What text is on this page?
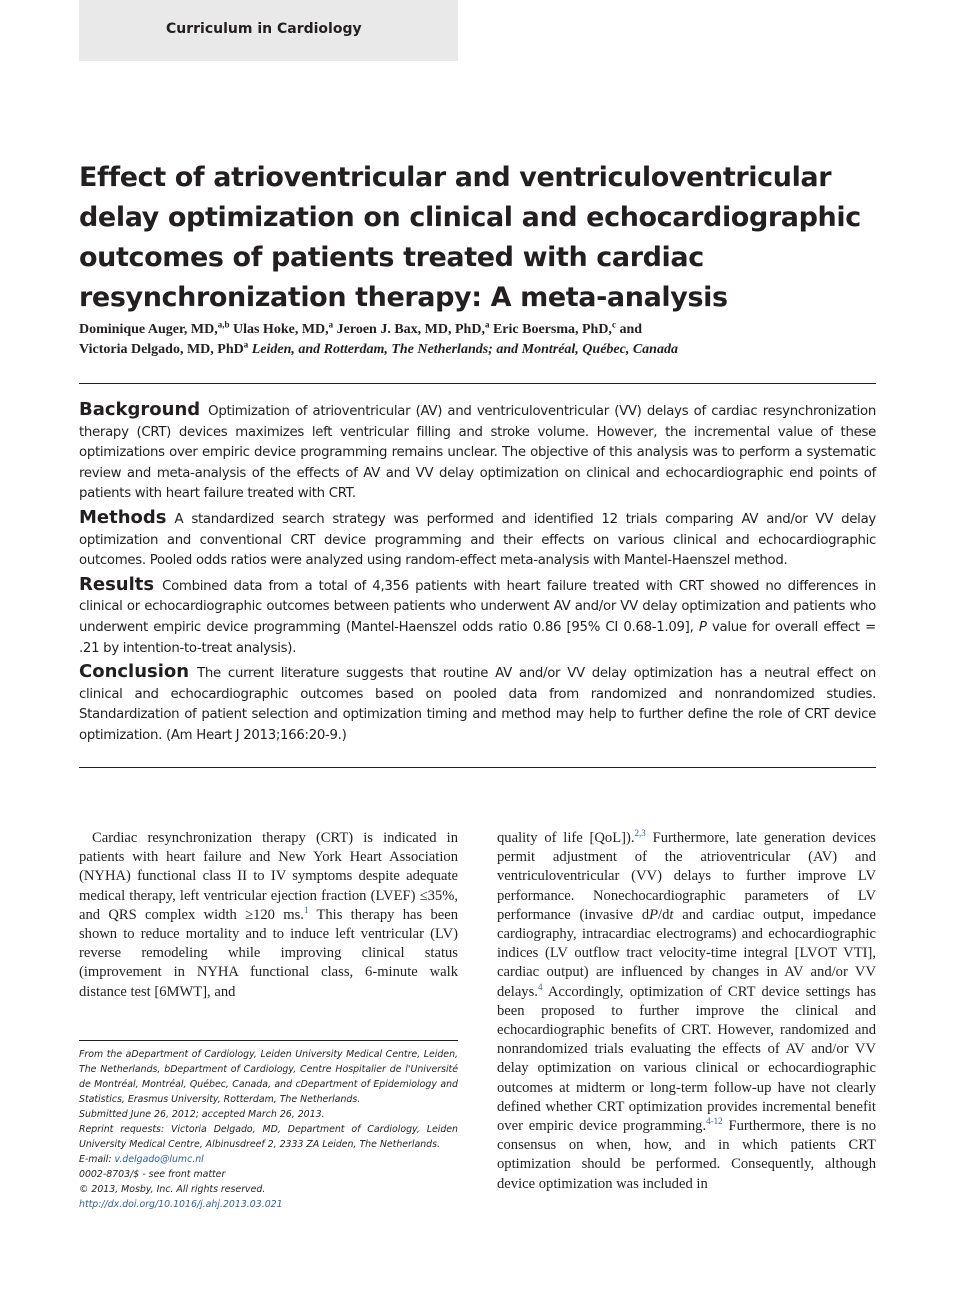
Curriculum in Cardiology
Effect of atrioventricular and ventriculoventricular delay optimization on clinical and echocardiographic outcomes of patients treated with cardiac resynchronization therapy: A meta-analysis
Dominique Auger, MD,$^{a,b}$ Ulas Hoke, MD,$^a$ Jeroen J. Bax, MD, PhD,$^a$ Eric Boersma, PhD,$^c$ and
Victoria Delgado, MD, PhD$^a$ Leiden, and Rotterdam, The Netherlands; and Montréal, Québec, Canada

Background Optimization of atrioventricular (AV) and ventriculoventricular (VV) delays of cardiac resynchronization therapy (CRT) devices maximizes left ventricular filling and stroke volume. However, the incremental value of these optimizations over empiric device programming remains unclear. The objective of this analysis was to perform a systematic review and meta-analysis of the effects of AV and VV delay optimization on clinical and echocardiographic end points of patients with heart failure treated with CRT.

Methods A standardized search strategy was performed and identified 12 trials comparing AV and/or VV delay optimization and conventional CRT device programming and their effects on various clinical and echocardiographic outcomes. Pooled odds ratios were analyzed using random-effect meta-analysis with Mantel-Haenszel method.

Results Combined data from a total of 4,356 patients with heart failure treated with CRT showed no differences in clinical or echocardiographic outcomes between patients who underwent AV and/or VV delay optimization and patients who underwent empiric device programming (Mantel-Haenszel odds ratio 0.86 [95% CI 0.68-1.09], P value for overall effect = .21 by intention-to-treat analysis).

Conclusion The current literature suggests that routine AV and/or VV delay optimization has a neutral effect on clinical and echocardiographic outcomes based on pooled data from randomized and nonrandomized studies. Standardization of patient selection and optimization timing and method may help to further define the role of CRT device optimization. (Am Heart J 2013;166:20-9.)

Cardiac resynchronization therapy (CRT) is indicated in patients with heart failure and New York Heart Association (NYHA) functional class II to IV symptoms despite adequate medical therapy, left ventricular ejection fraction (LVEF) ≤35%, and QRS complex width ≥120 ms.$^1$ This therapy has been shown to reduce mortality and to induce left ventricular (LV) reverse remodeling while improving clinical status (improvement in NYHA functional class, 6-minute walk distance test [6MWT], and

From the aDepartment of Cardiology, Leiden University Medical Centre, Leiden, The Netherlands, bDepartment of Cardiology, Centre Hospitalier de l'Université de Montréal, Montréal, Québec, Canada, and cDepartment of Epidemiology and Statistics, Erasmus University, Rotterdam, The Netherlands.

Submitted June 26, 2012; accepted March 26, 2013.

Reprint requests: Victoria Delgado, MD, Department of Cardiology, Leiden University Medical Centre, Albinusdreef 2, 2333 ZA Leiden, The Netherlands.

E-mail: v.delgado@lumc.nl

0002-8703/$ - see front matter

© 2013, Mosby, Inc. All rights reserved.

http://dx.doi.org/10.1016/j.ahj.2013.03.021

quality of life [QoL]).$^{2,3}$ Furthermore, late generation devices permit adjustment of the atrioventricular (AV) and ventriculoventricular (VV) delays to further improve LV performance. Nonechocardiographic parameters of LV performance (invasive dP/dt and cardiac output, impedance cardiography, intracardiac electrograms) and echocardiographic indices (LV outflow tract velocity-time integral [LVOT VTI], cardiac output) are influenced by changes in AV and/or VV delays.$^4$ Accordingly, optimization of CRT device settings has been proposed to further improve the clinical and echocardiographic benefits of CRT. However, randomized and nonrandomized trials evaluating the effects of AV and/or VV delay optimization on various clinical or echocardiographic outcomes at midterm or long-term follow-up have not clearly defined whether CRT optimization provides incremental benefit over empiric device programming.$^{4-12}$ Furthermore, there is no consensus on when, how, and in which patients CRT optimization should be performed. Consequently, although device optimization was included in
